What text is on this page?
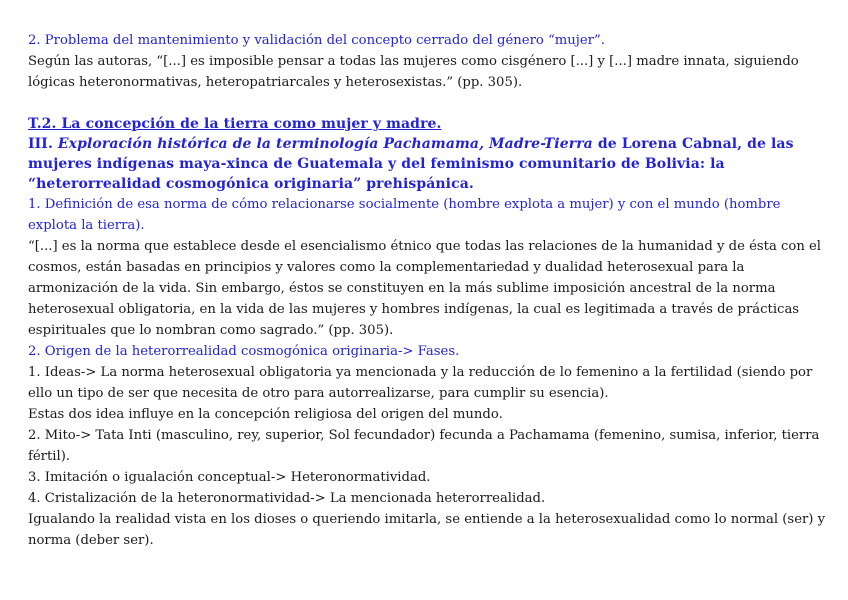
2. Problema del mantenimiento y validación del concepto cerrado del género “mujer”.
Según las autoras, “[...] es imposible pensar a todas las mujeres como cisgénero [...] y [...] madre innata, siguiendo lógicas heteronormativas, heteropatriarcales y heterosexistas.” (pp. 305).
T.2. La concepción de la tierra como mujer y madre.
III. Exploración histórica de la terminología Pachamama, Madre-Tierra de Lorena Cabnal, de las mujeres indígenas maya-xinca de Guatemala y del feminismo comunitario de Bolivia: la “heterorrealidad cosmogónica originaria” prehispánica.
1. Definición de esa norma de cómo relacionarse socialmente (hombre explota a mujer) y con el mundo (hombre explota la tierra).
“[...] es la norma que establece desde el esencialismo étnico que todas las relaciones de la humanidad y de ésta con el cosmos, están basadas en principios y valores como la complementariedad y dualidad heterosexual para la armonización de la vida. Sin embargo, éstos se constituyen en la más sublime imposición ancestral de la norma heterosexual obligatoria, en la vida de las mujeres y hombres indígenas, la cual es legitimada a través de prácticas espirituales que lo nombran como sagrado.” (pp. 305).
2. Origen de la heterorrealidad cosmogónica originaria-> Fases.
1. Ideas-> La norma heterosexual obligatoria ya mencionada y la reducción de lo femenino a la fertilidad (siendo por ello un tipo de ser que necesita de otro para autorrealizarse, para cumplir su esencia).
Estas dos idea influye en la concepción religiosa del origen del mundo.
2. Mito-> Tata Inti (masculino, rey, superior, Sol fecundador) fecunda a Pachamama (femenino, sumisa, inferior, tierra fértil).
3. Imitación o igualación conceptual-> Heteronormatividad.
4. Cristalización de la heteronormatividad-> La mencionada heterorrealidad.
Igualando la realidad vista en los dioses o queriendo imitarla, se entiende a la heterosexualidad como lo normal (ser) y norma (deber ser).
